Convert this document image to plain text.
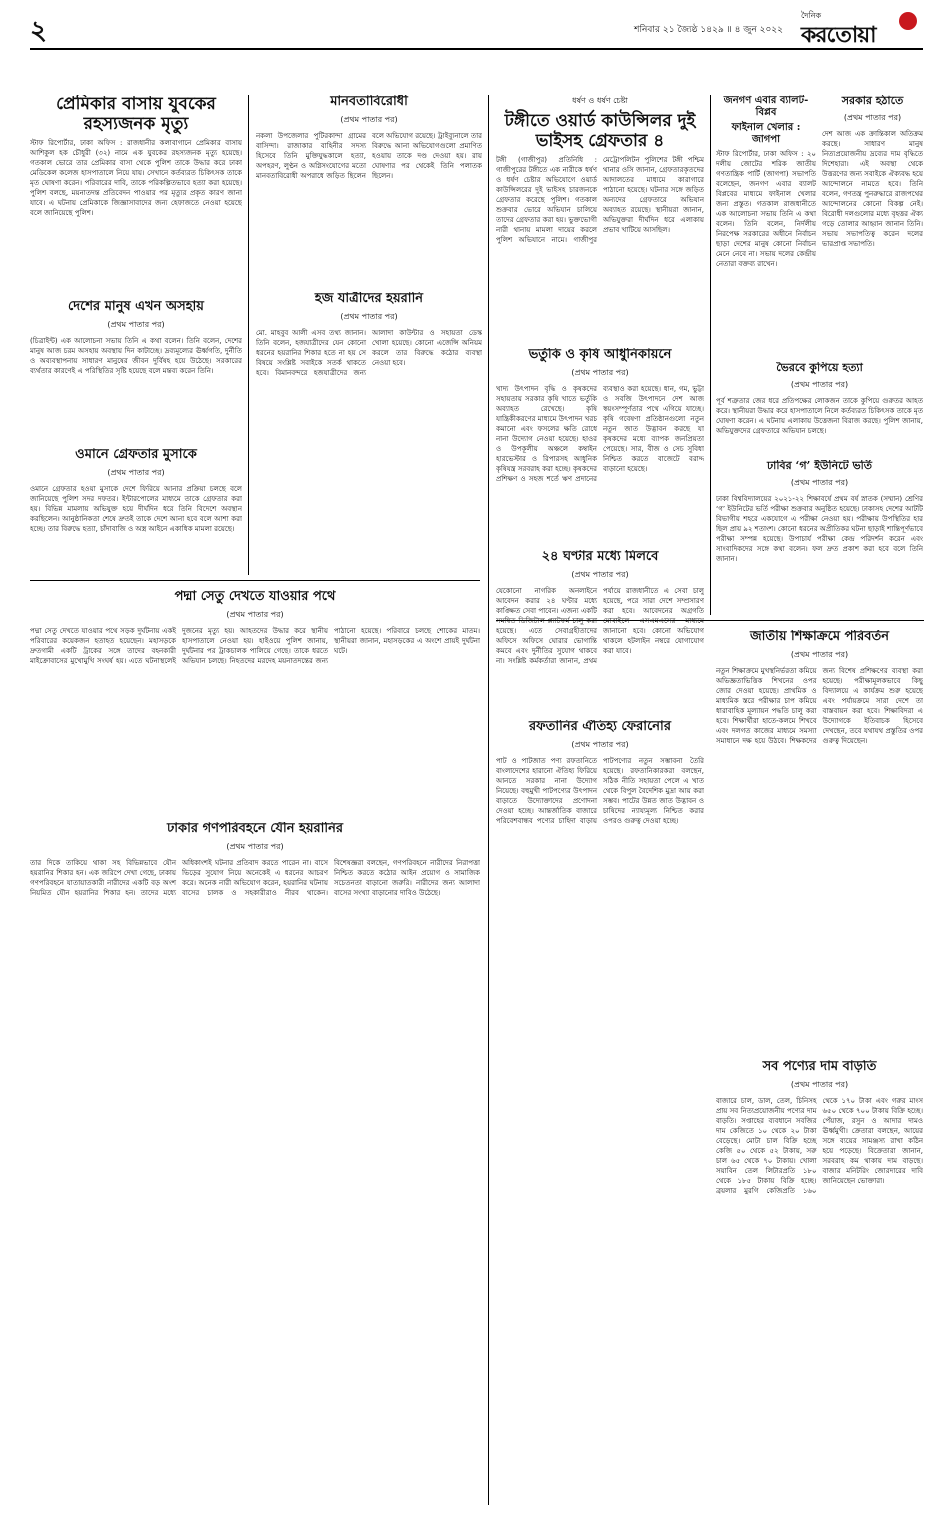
২	শনিবার ২১ জ্যৈষ্ঠ ১৪২৯ ॥ ৪ জুন ২০২২
দৈনিক
করতোয়া
প্রেমিকার বাসায় যুবকের রহস্যজনক মৃত্যু
স্টাফ রিপোর্টার, ঢাকা অফিস : রাজধানীর কলাবাগানে প্রেমিকার বাসায় আশিকুল হক চৌধুরী (৩২) নামে এক যুবকের রহস্যজনক মৃত্যু হয়েছে। গতকাল ভোরে তার প্রেমিকার বাসা থেকে পুলিশ তাকে উদ্ধার করে ঢাকা মেডিকেল কলেজ হাসপাতালে নিয়ে যায়। সেখানে কর্তব্যরত চিকিৎসক তাকে মৃত ঘোষণা করেন। পরিবারের দাবি, তাকে পরিকল্পিতভাবে হত্যা করা হয়েছে। পুলিশ বলছে, ময়নাতদন্ত প্রতিবেদন পাওয়ার পর মৃত্যুর প্রকৃত কারণ জানা যাবে। এ ঘটনায় প্রেমিকাকে জিজ্ঞাসাবাদের জন্য হেফাজতে নেওয়া হয়েছে বলে জানিয়েছে পুলিশ।
মানবতাবিরোধী
(প্রথম পাতার পর)
নকলা উপজেলার পুটিরকান্দা গ্রামের বাসিন্দা। রাজাকার বাহিনীর সদস্য হিসেবে তিনি মুক্তিযুদ্ধকালে হত্যা, অপহরণ, লুণ্ঠন ও অগ্নিসংযোগের মতো মানবতাবিরোধী অপরাধে জড়িত ছিলেন বলে অভিযোগ রয়েছে। ট্রাইব্যুনালে তার বিরুদ্ধে আনা অভিযোগগুলো প্রমাণিত হওয়ায় তাকে দণ্ড দেওয়া হয়। রায় ঘোষণার পর থেকেই তিনি পলাতক ছিলেন।
দেশের মানুষ এখন অসহায়
(প্রথম পাতার পর)
(চিত্রাইন্ট) এক আলোচনা সভায় তিনি এ কথা বলেন। তিনি বলেন, দেশের মানুষ আজ চরম অসহায় অবস্থায় দিন কাটাচ্ছে। দ্রব্যমূল্যের ঊর্ধ্বগতি, দুর্নীতি ও অব্যবস্থাপনায় সাধারণ মানুষের জীবন দুর্বিষহ হয়ে উঠেছে। সরকারের ব্যর্থতার কারণেই এ পরিস্থিতির সৃষ্টি হয়েছে বলে মন্তব্য করেন তিনি।
হজ যাত্রীদের হয়রানি
(প্রথম পাতার পর)
মো. মাহবুব আলী এসব তথ্য জানান। তিনি বলেন, হজযাত্রীদের যেন কোনো ধরনের হয়রানির শিকার হতে না হয় সে বিষয়ে সংশ্লিষ্ট সবাইকে সতর্ক থাকতে হবে। বিমানবন্দরে হজযাত্রীদের জন্য আলাদা কাউন্টার ও সহায়তা ডেস্ক খোলা হয়েছে। কোনো এজেন্সি অনিয়ম করলে তার বিরুদ্ধে কঠোর ব্যবস্থা নেওয়া হবে।
ওমানে গ্রেফতার মুসাকে
(প্রথম পাতার পর)
ওমানে গ্রেফতার হওয়া মুসাকে দেশে ফিরিয়ে আনার প্রক্রিয়া চলছে বলে জানিয়েছে পুলিশ সদর দফতর। ইন্টারপোলের মাধ্যমে তাকে গ্রেফতার করা হয়। বিভিন্ন মামলায় অভিযুক্ত হয়ে দীর্ঘদিন ধরে তিনি বিদেশে অবস্থান করছিলেন। আনুষ্ঠানিকতা শেষে দ্রুতই তাকে দেশে আনা হবে বলে আশা করা হচ্ছে। তার বিরুদ্ধে হত্যা, চাঁদাবাজি ও অস্ত্র আইনে একাধিক মামলা রয়েছে।
ধর্ষণ ও ধর্ষণ চেষ্টা
টঙ্গীতে ওয়ার্ড কাউন্সিলর দুই ভাইসহ গ্রেফতার ৪
টঙ্গী (গাজীপুর) প্রতিনিধি : গাজীপুরের টঙ্গীতে এক নারীকে ধর্ষণ ও ধর্ষণ চেষ্টার অভিযোগে ওয়ার্ড কাউন্সিলরের দুই ভাইসহ চারজনকে গ্রেফতার করেছে পুলিশ। গতকাল শুক্রবার ভোরে অভিযান চালিয়ে তাদের গ্রেফতার করা হয়। ভুক্তভোগী নারী থানায় মামলা দায়ের করলে পুলিশ অভিযানে নামে। গাজীপুর মেট্রোপলিটন পুলিশের টঙ্গী পশ্চিম থানার ওসি জানান, গ্রেফতারকৃতদের আদালতের মাধ্যমে কারাগারে পাঠানো হয়েছে। ঘটনার সঙ্গে জড়িত অন্যদের গ্রেফতারে অভিযান অব্যাহত রয়েছে। স্থানীয়রা জানান, অভিযুক্তরা দীর্ঘদিন ধরে এলাকায় প্রভাব খাটিয়ে আসছিল।
জনগণ এবার ব্যালট-বিপ্লব
ফাইনাল খেলার : জাগপা
স্টাফ রিপোর্টার, ঢাকা অফিস : ২০ দলীয় জোটের শরিক জাতীয় গণতান্ত্রিক পার্টি (জাগপা) সভাপতি বলেছেন, জনগণ এবার ব্যালট বিপ্লবের মাধ্যমে ফাইনাল খেলার জন্য প্রস্তুত। গতকাল রাজধানীতে এক আলোচনা সভায় তিনি এ কথা বলেন। তিনি বলেন, নির্দলীয় নিরপেক্ষ সরকারের অধীনে নির্বাচন ছাড়া দেশের মানুষ কোনো নির্বাচন মেনে নেবে না। সভায় দলের কেন্দ্রীয় নেতারা বক্তব্য রাখেন।
সরকার হঠাতে
(প্রথম পাতার পর)
দেশ আজ এক ক্রান্তিকাল অতিক্রম করছে। সাধারণ মানুষ নিত্যপ্রয়োজনীয় দ্রব্যের দাম বৃদ্ধিতে দিশেহারা। এই অবস্থা থেকে উত্তরণের জন্য সবাইকে ঐক্যবদ্ধ হয়ে আন্দোলনে নামতে হবে। তিনি বলেন, গণতন্ত্র পুনরুদ্ধারে রাজপথের আন্দোলনের কোনো বিকল্প নেই। বিরোধী দলগুলোর মধ্যে বৃহত্তর ঐক্য গড়ে তোলার আহ্বান জানান তিনি। সভায় সভাপতিত্ব করেন দলের ভারপ্রাপ্ত সভাপতি।
ভর্তুকি ও কৃষি আধুনিকায়নে
(প্রথম পাতার পর)
খাদ্য উৎপাদন বৃদ্ধি ও কৃষকদের সহায়তায় সরকার কৃষি খাতে ভর্তুকি অব্যাহত রেখেছে। কৃষি যান্ত্রিকীকরণের মাধ্যমে উৎপাদন খরচ কমানো এবং ফসলের ক্ষতি রোধে নানা উদ্যোগ নেওয়া হয়েছে। হাওর ও উপকূলীয় অঞ্চলে কম্বাইন হারভেস্টার ও রিপারসহ আধুনিক কৃষিযন্ত্র সরবরাহ করা হচ্ছে। কৃষকদের প্রশিক্ষণ ও সহজ শর্তে ঋণ প্রদানের ব্যবস্থাও করা হয়েছে। ধান, গম, ভুট্টা ও সবজি উৎপাদনে দেশ আজ স্বয়ংসম্পূর্ণতার পথে এগিয়ে যাচ্ছে। কৃষি গবেষণা প্রতিষ্ঠানগুলো নতুন নতুন জাত উদ্ভাবন করছে যা কৃষকদের মধ্যে ব্যাপক জনপ্রিয়তা পেয়েছে। সার, বীজ ও সেচ সুবিধা নিশ্চিত করতে বাজেটে বরাদ্দ বাড়ানো হয়েছে।
ভৈরবে কুপিয়ে হত্যা
(প্রথম পাতার পর)
পূর্ব শত্রুতার জের ধরে প্রতিপক্ষের লোকজন তাকে কুপিয়ে গুরুতর আহত করে। স্থানীয়রা উদ্ধার করে হাসপাতালে নিলে কর্তব্যরত চিকিৎসক তাকে মৃত ঘোষণা করেন। এ ঘটনায় এলাকায় উত্তেজনা বিরাজ করছে। পুলিশ জানায়, অভিযুক্তদের গ্রেফতারে অভিযান চলছে।
ঢাবির ‘গ’ ইউনিটে ভর্তি
(প্রথম পাতার পর)
ঢাকা বিশ্ববিদ্যালয়ের ২০২১-২২ শিক্ষাবর্ষে প্রথম বর্ষ স্নাতক (সম্মান) শ্রেণির ‘গ’ ইউনিটের ভর্তি পরীক্ষা শুক্রবার অনুষ্ঠিত হয়েছে। ঢাকাসহ দেশের আটটি বিভাগীয় শহরে একযোগে এ পরীক্ষা নেওয়া হয়। পরীক্ষায় উপস্থিতির হার ছিল প্রায় ৯২ শতাংশ। কোনো ধরনের অপ্রীতিকর ঘটনা ছাড়াই শান্তিপূর্ণভাবে পরীক্ষা সম্পন্ন হয়েছে। উপাচার্য পরীক্ষা কেন্দ্র পরিদর্শন করেন এবং সাংবাদিকদের সঙ্গে কথা বলেন। ফল দ্রুত প্রকাশ করা হবে বলে তিনি জানান।
পদ্মা সেতু দেখতে যাওয়ার পথে
(প্রথম পাতার পর)
পদ্মা সেতু দেখতে যাওয়ার পথে সড়ক দুর্ঘটনায় একই পরিবারের কয়েকজন হতাহত হয়েছেন। মহাসড়কে দ্রুতগামী একটি ট্রাকের সঙ্গে তাদের বহনকারী মাইক্রোবাসের মুখোমুখি সংঘর্ষ হয়। এতে ঘটনাস্থলেই দুজনের মৃত্যু হয়। আহতদের উদ্ধার করে স্থানীয় হাসপাতালে নেওয়া হয়। হাইওয়ে পুলিশ জানায়, দুর্ঘটনার পর ট্রাকচালক পালিয়ে গেছে। তাকে ধরতে অভিযান চলছে। নিহতদের মরদেহ ময়নাতদন্তের জন্য পাঠানো হয়েছে। পরিবারে চলছে শোকের মাতম। স্থানীয়রা জানান, মহাসড়কের এ অংশে প্রায়ই দুর্ঘটনা ঘটে।
২৪ ঘণ্টার মধ্যে মিলবে
(প্রথম পাতার পর)
যেকোনো নাগরিক অনলাইনে আবেদন করার ২৪ ঘণ্টার মধ্যে কাঙ্ক্ষিত সেবা পাবেন। এজন্য একটি সমন্বিত ডিজিটাল প্ল্যাটফর্ম চালু করা হয়েছে। এতে সেবাগ্রহীতাদের অফিসে অফিসে ঘোরার ভোগান্তি কমবে এবং দুর্নীতির সুযোগ থাকবে না। সংশ্লিষ্ট কর্মকর্তারা জানান, প্রথম পর্যায়ে রাজধানীতে এ সেবা চালু হয়েছে, পরে সারা দেশে সম্প্রসারণ করা হবে। আবেদনের অগ্রগতি মোবাইলে এসএমএসের মাধ্যমে জানানো হবে। কোনো অভিযোগ থাকলে হটলাইন নম্বরে যোগাযোগ করা যাবে।
জাতীয় শিক্ষাক্রমে পরিবর্তন
(প্রথম পাতার পর)
নতুন শিক্ষাক্রমে মুখস্থনির্ভরতা কমিয়ে অভিজ্ঞতাভিত্তিক শিখনের ওপর জোর দেওয়া হয়েছে। প্রাথমিক ও মাধ্যমিক স্তরে পরীক্ষার চাপ কমিয়ে ধারাবাহিক মূল্যায়ন পদ্ধতি চালু করা হবে। শিক্ষার্থীরা হাতে-কলমে শিখবে এবং দলগত কাজের মাধ্যমে সমস্যা সমাধানে দক্ষ হয়ে উঠবে। শিক্ষকদের জন্য বিশেষ প্রশিক্ষণের ব্যবস্থা করা হয়েছে। পরীক্ষামূলকভাবে কিছু বিদ্যালয়ে এ কার্যক্রম শুরু হয়েছে এবং পর্যায়ক্রমে সারা দেশে তা বাস্তবায়ন করা হবে। শিক্ষাবিদরা এ উদ্যোগকে ইতিবাচক হিসেবে দেখছেন, তবে যথাযথ প্রস্তুতির ওপর গুরুত্ব দিয়েছেন।
ঢাকার গণপরিবহনে যৌন হয়রানির
(প্রথম পাতার পর)
তার দিকে তাকিয়ে থাকা সহ বিভিন্নভাবে যৌন হয়রানির শিকার হন। এক জরিপে দেখা গেছে, ঢাকায় গণপরিবহনে যাতায়াতকারী নারীদের একটি বড় অংশ নিয়মিত যৌন হয়রানির শিকার হন। তাদের মধ্যে অধিকাংশই ঘটনার প্রতিবাদ করতে পারেন না। বাসে ভিড়ের সুযোগ নিয়ে অনেকেই এ ধরনের আচরণ করে। অনেক নারী অভিযোগ করেন, হয়রানির ঘটনায় বাসের চালক ও সহকারীরাও নীরব থাকেন। বিশেষজ্ঞরা বলছেন, গণপরিবহনে নারীদের নিরাপত্তা নিশ্চিত করতে কঠোর আইন প্রয়োগ ও সামাজিক সচেতনতা বাড়ানো জরুরি। নারীদের জন্য আলাদা বাসের সংখ্যা বাড়ানোর দাবিও উঠেছে।
রফতানির ঐতিহ্য ফেরানোর
(প্রথম পাতার পর)
পাট ও পাটজাত পণ্য রফতানিতে বাংলাদেশের হারানো ঐতিহ্য ফিরিয়ে আনতে সরকার নানা উদ্যোগ নিয়েছে। বহুমুখী পাটপণ্যের উৎপাদন বাড়াতে উদ্যোক্তাদের প্রণোদনা দেওয়া হচ্ছে। আন্তর্জাতিক বাজারে পরিবেশবান্ধব পণ্যের চাহিদা বাড়ায় পাটপণ্যের নতুন সম্ভাবনা তৈরি হয়েছে। রফতানিকারকরা বলছেন, সঠিক নীতি সহায়তা পেলে এ খাত থেকে বিপুল বৈদেশিক মুদ্রা আয় করা সম্ভব। পাটের উন্নত জাত উদ্ভাবন ও চাষিদের ন্যায্যমূল্য নিশ্চিত করার ওপরও গুরুত্ব দেওয়া হচ্ছে।
সব পণ্যের দাম বাড়তি
(প্রথম পাতার পর)
বাজারে চাল, ডাল, তেল, চিনিসহ প্রায় সব নিত্যপ্রয়োজনীয় পণ্যের দাম বাড়তি। সপ্তাহের ব্যবধানে সবজির দাম কেজিতে ১০ থেকে ২০ টাকা বেড়েছে। মোটা চাল বিক্রি হচ্ছে কেজি ৫০ থেকে ৫২ টাকায়, সরু চাল ৬৫ থেকে ৭০ টাকায়। খোলা সয়াবিন তেল লিটারপ্রতি ১৮০ থেকে ১৮৫ টাকায় বিক্রি হচ্ছে। ব্রয়লার মুরগি কেজিপ্রতি ১৬০ থেকে ১৭০ টাকা এবং গরুর মাংস ৬৫০ থেকে ৭০০ টাকায় বিক্রি হচ্ছে। পেঁয়াজ, রসুন ও আদার দামও ঊর্ধ্বমুখী। ক্রেতারা বলছেন, আয়ের সঙ্গে ব্যয়ের সামঞ্জস্য রাখা কঠিন হয়ে পড়েছে। বিক্রেতারা জানান, সরবরাহ কম থাকায় দাম বাড়ছে। বাজার মনিটরিং জোরদারের দাবি জানিয়েছেন ভোক্তারা।
